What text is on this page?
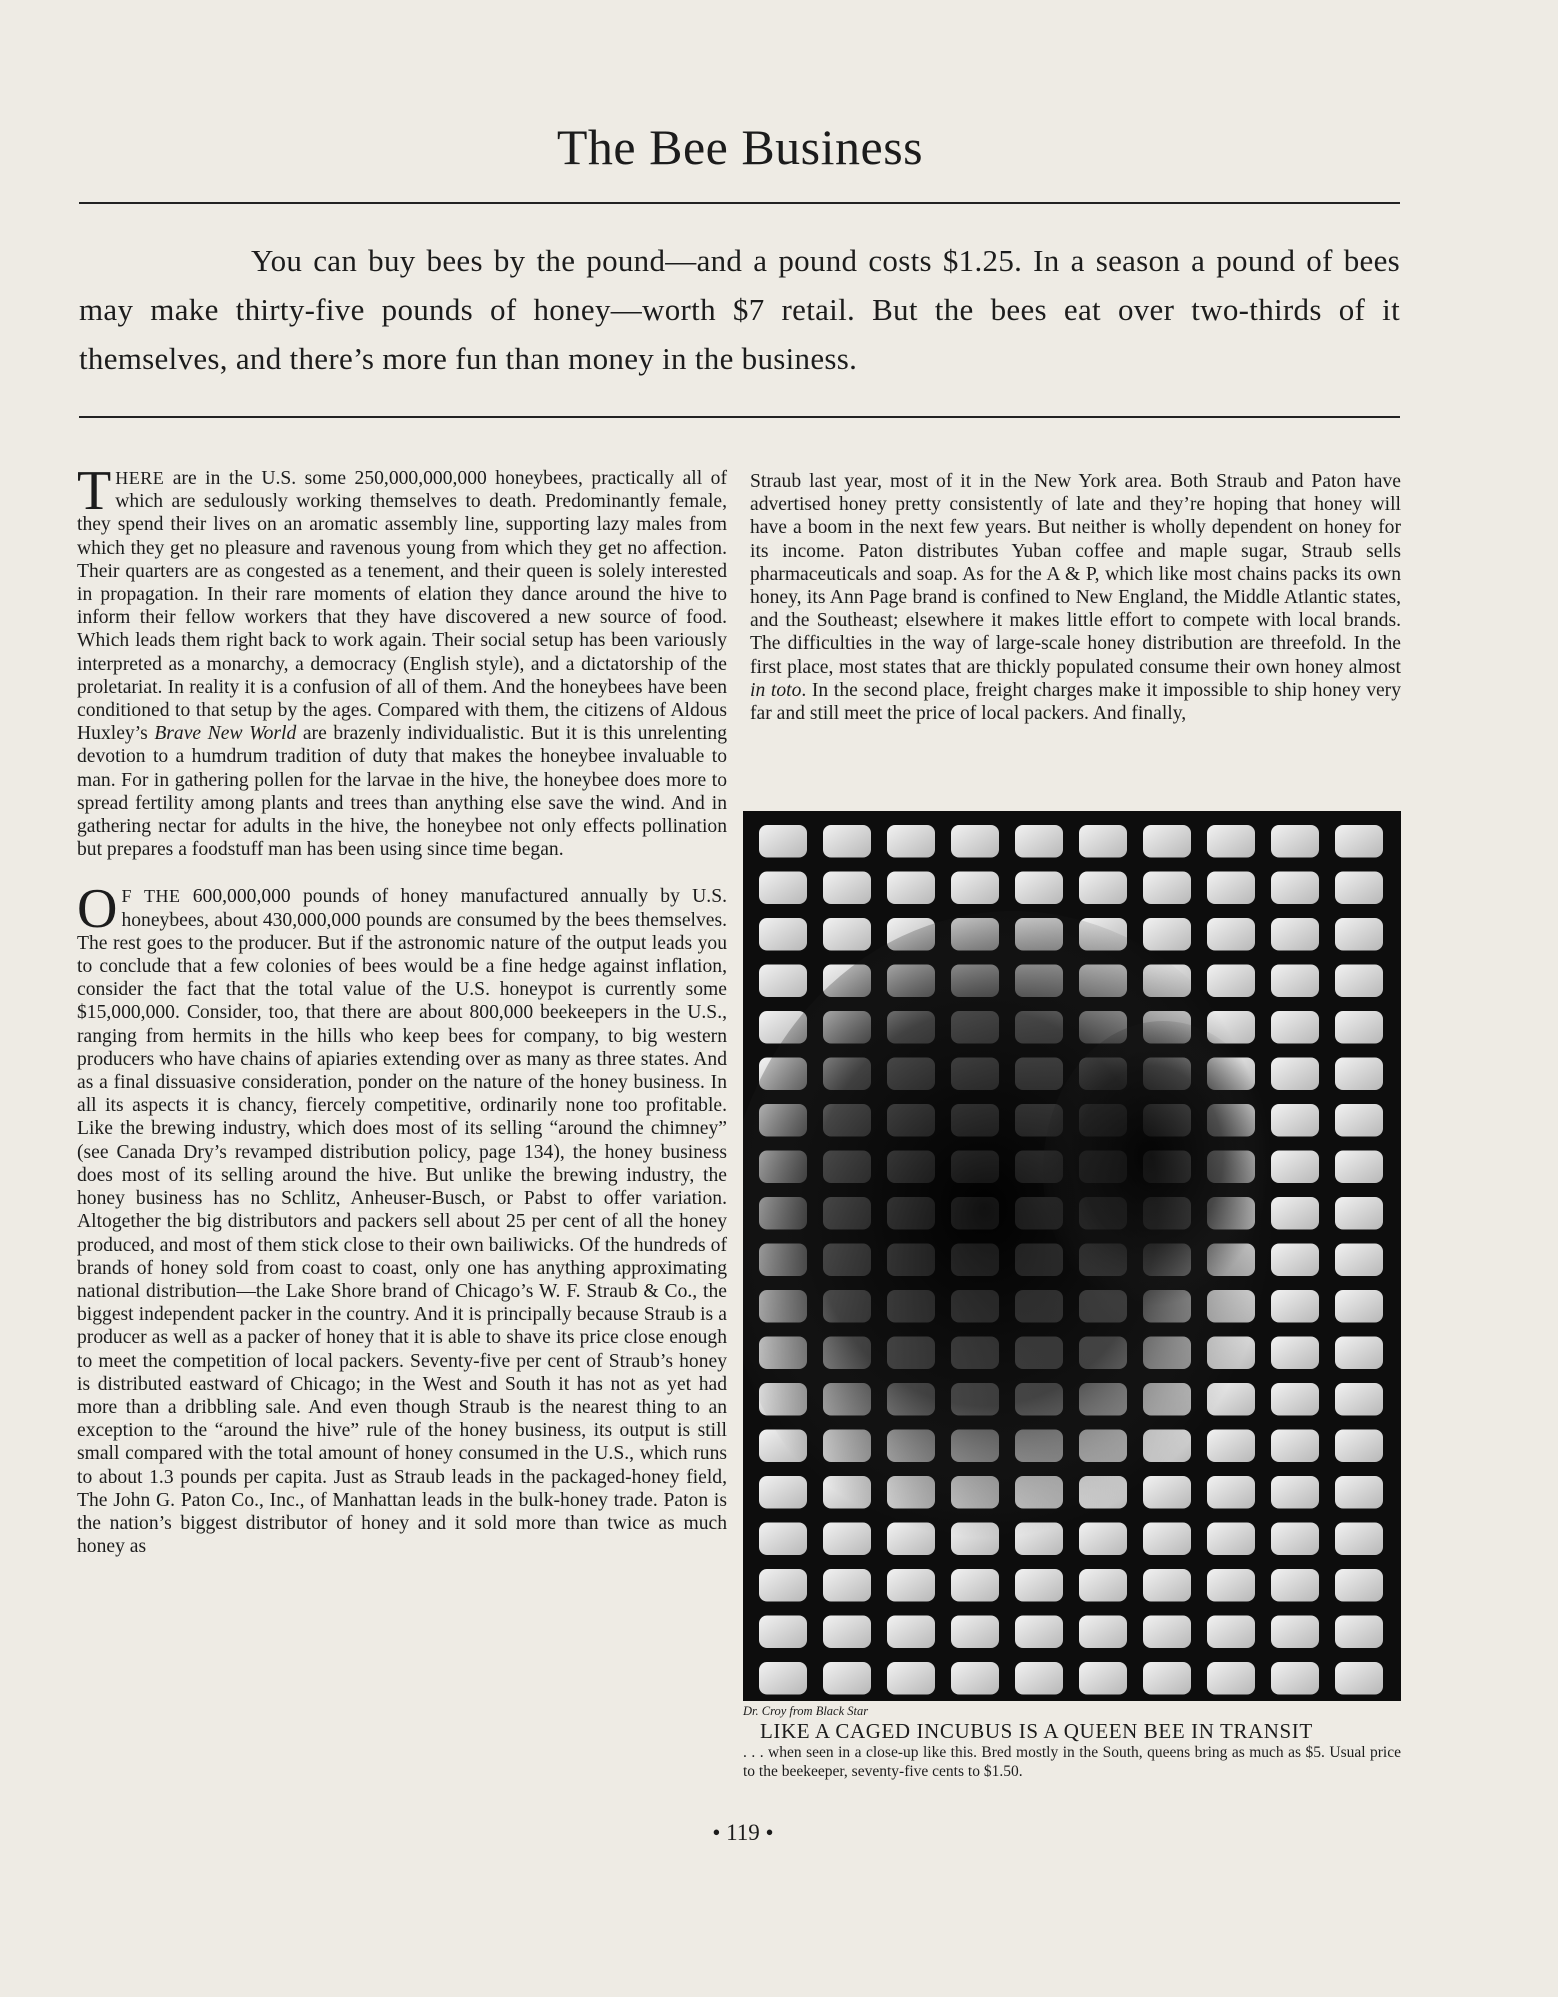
The Bee Business
You can buy bees by the pound—and a pound costs $1.25. In a season a pound of bees may make thirty-five pounds of honey—worth $7 retail. But the bees eat over two-thirds of it themselves, and there’s more fun than money in the business.

THERE are in the U.S. some 250,000,000,000 honeybees, practically all of which are sedulously working themselves to death. Predominantly female, they spend their lives on an aromatic assembly line, supporting lazy males from which they get no pleasure and ravenous young from which they get no affection. Their quarters are as congested as a tenement, and their queen is solely interested in propagation. In their rare moments of elation they dance around the hive to inform their fellow workers that they have discovered a new source of food. Which leads them right back to work again. Their social setup has been variously interpreted as a monarchy, a democracy (English style), and a dictatorship of the proletariat. In reality it is a confusion of all of them. And the honeybees have been conditioned to that setup by the ages. Compared with them, the citizens of Aldous Huxley’s Brave New World are brazenly individualistic. But it is this unrelenting devotion to a humdrum tradition of duty that makes the honeybee invaluable to man. For in gathering pollen for the larvae in the hive, the honeybee does more to spread fertility among plants and trees than anything else save the wind. And in gathering nectar for adults in the hive, the honeybee not only effects pollination but prepares a foodstuff man has been using since time began.

O F THE 600,000,000 pounds of honey manufactured annually by U.S. honeybees, about 430,000,000 pounds are consumed by the bees themselves. The rest goes to the producer. But if the astronomic nature of the output leads you to conclude that a few colonies of bees would be a fine hedge against inflation, consider the fact that the total value of the U.S. honeypot is currently some $15,000,000. Consider, too, that there are about 800,000 beekeepers in the U.S., ranging from hermits in the hills who keep bees for company, to big western producers who have chains of apiaries extending over as many as three states. And as a final dissuasive consideration, ponder on the nature of the honey business. In all its aspects it is chancy, fiercely competitive, ordinarily none too profitable. Like the brewing industry, which does most of its selling “around the chimney” (see Canada Dry’s revamped distribution policy, page 134), the honey business does most of its selling around the hive. But unlike the brewing industry, the honey business has no Schlitz, Anheuser-Busch, or Pabst to offer variation. Altogether the big distributors and packers sell about 25 per cent of all the honey produced, and most of them stick close to their own bailiwicks. Of the hundreds of brands of honey sold from coast to coast, only one has anything approximating national distribution—the Lake Shore brand of Chicago’s W. F. Straub & Co., the biggest independent packer in the country. And it is principally because Straub is a producer as well as a packer of honey that it is able to shave its price close enough to meet the competition of local packers. Seventy-five per cent of Straub’s honey is distributed eastward of Chicago; in the West and South it has not as yet had more than a dribbling sale. And even though Straub is the nearest thing to an exception to the “around the hive” rule of the honey business, its output is still small compared with the total amount of honey consumed in the U.S., which runs to about 1.3 pounds per capita. Just as Straub leads in the packaged-honey field, The John G. Paton Co., Inc., of Manhattan leads in the bulk-honey trade. Paton is the nation’s biggest distributor of honey and it sold more than twice as much honey as

Straub last year, most of it in the New York area. Both Straub and Paton have advertised honey pretty consistently of late and they’re hoping that honey will have a boom in the next few years. But neither is wholly dependent on honey for its income. Paton distributes Yuban coffee and maple sugar, Straub sells pharmaceuticals and soap. As for the A & P, which like most chains packs its own honey, its Ann Page brand is confined to New England, the Middle Atlantic states, and the Southeast; elsewhere it makes little effort to compete with local brands. The difficulties in the way of large-scale honey distribution are threefold. In the first place, most states that are thickly populated consume their own honey almost in toto. In the second place, freight charges make it impossible to ship honey very far and still meet the price of local packers. And finally,

Dr. Croy from Black Star
LIKE A CAGED INCUBUS IS A QUEEN BEE IN TRANSIT
. . . when seen in a close-up like this. Bred mostly in the South, queens bring as much as $5. Usual price to the beekeeper, seventy-five cents to $1.50.
• 119 •
